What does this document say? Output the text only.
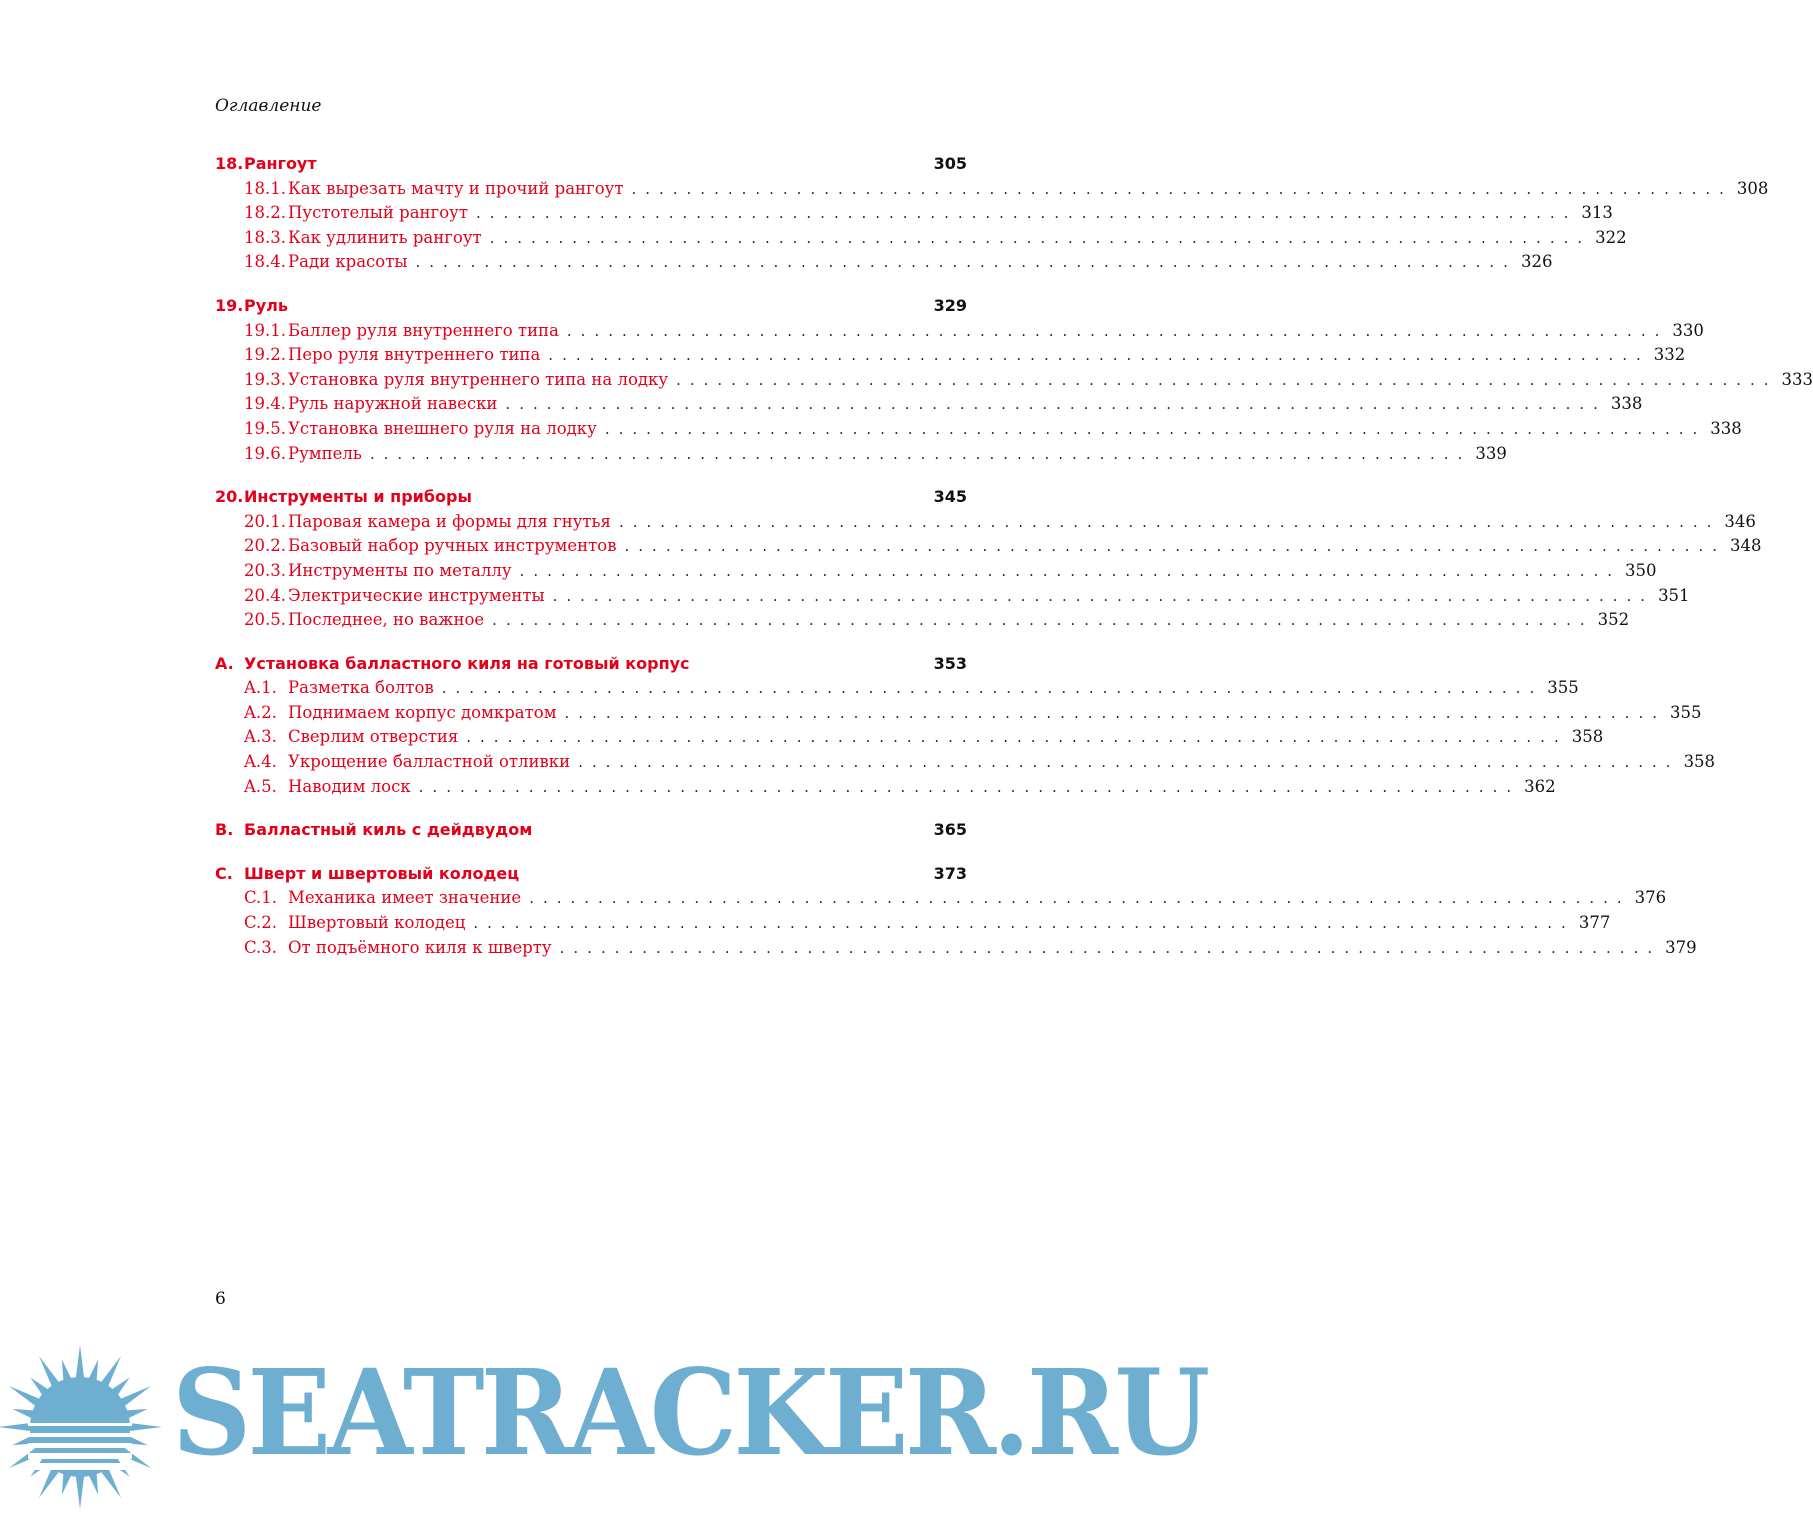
Оглавление
18.Рангоут	305
18.1. Как вырезать мачту и прочий рангоут ................................................................................ 308
18.2. Пустотелый рангоут ................................................................................ 313
18.3. Как удлинить рангоут ................................................................................ 322
18.4. Ради красоты ................................................................................ 326
19.Руль	329
19.1. Баллер руля внутреннего типа ................................................................................ 330
19.2. Перо руля внутреннего типа ................................................................................ 332
19.3. Установка руля внутреннего типа на лодку ................................................................................ 333
19.4. Руль наружной навески ................................................................................ 338
19.5. Установка внешнего руля на лодку ................................................................................ 338
19.6. Румпель ................................................................................ 339
20.Инструменты и приборы	345
20.1. Паровая камера и формы для гнутья ................................................................................ 346
20.2. Базовый набор ручных инструментов ................................................................................ 348
20.3. Инструменты по металлу ................................................................................ 350
20.4. Электрические инструменты ................................................................................ 351
20.5. Последнее, но важное ................................................................................ 352
A. Установка балластного киля на готовый корпус	353
A.1. Разметка болтов ................................................................................ 355
A.2. Поднимаем корпус домкратом ................................................................................ 355
A.3. Сверлим отверстия ................................................................................ 358
A.4. Укрощение балластной отливки ................................................................................ 358
A.5. Наводим лоск ................................................................................ 362
B. Балластный киль с дейдвудом	365
C. Шверт и швертовый колодец	373
C.1. Механика имеет значение ................................................................................ 376
C.2. Швертовый колодец ................................................................................ 377
C.3. От подъёмного киля к шверту ................................................................................ 379
6
SEATRACKER.RU
